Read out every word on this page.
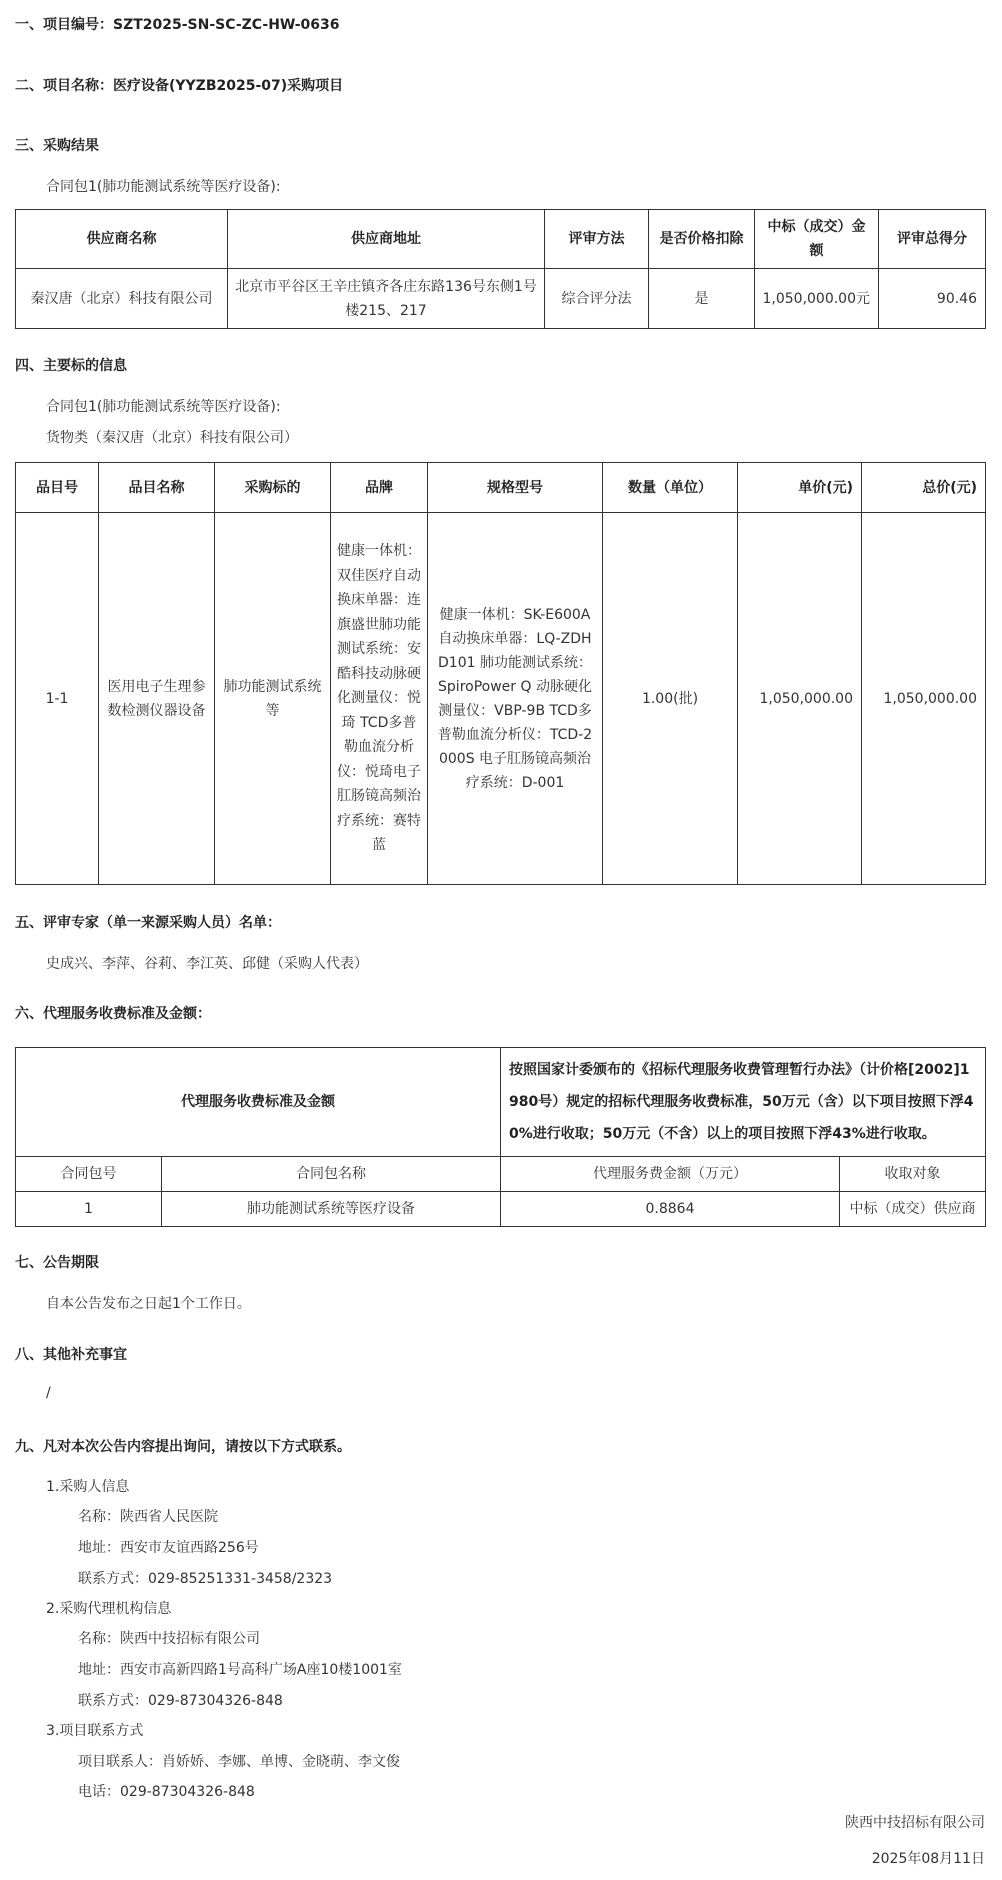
一、项目编号：SZT2025-SN-SC-ZC-HW-0636
二、项目名称：医疗设备(YYZB2025-07)采购项目
三、采购结果
合同包1(肺功能测试系统等医疗设备):
供应商名称	供应商地址	评审方法	是否价格扣除	中标（成交）金额	评审总得分
秦汉唐（北京）科技有限公司	北京市平谷区王辛庄镇齐各庄东路136号东侧1号楼215、217	综合评分法	是	1,050,000.00元	90.46
四、主要标的信息
合同包1(肺功能测试系统等医疗设备):
货物类（秦汉唐（北京）科技有限公司）
品目号	品目名称	采购标的	品牌	规格型号	数量（单位）	单价(元)	总价(元)
1-1	医用电子生理参数检测仪器设备	肺功能测试系统等	健康一体机：双佳医疗自动换床单器：连旗盛世肺功能测试系统：安酷科技动脉硬化测量仪：悦琦 TCD多普勒血流分析仪：悦琦电子肛肠镜高频治疗系统：赛特蓝	健康一体机：SK-E600A 自动换床单器：LQ-ZDHD101 肺功能测试系统：SpiroPower Q 动脉硬化测量仪：VBP-9B TCD多普勒血流分析仪：TCD-2000S 电子肛肠镜高频治疗系统：D-001	1.00(批)	1,050,000.00	1,050,000.00
五、评审专家（单一来源采购人员）名单：
史成兴、李萍、谷莉、李江英、邱健（采购人代表）
六、代理服务收费标准及金额：
代理服务收费标准及金额		按照国家计委颁布的《招标代理服务收费管理暂行办法》（计价格[2002]1980号）规定的招标代理服务收费标准，50万元（含）以下项目按照下浮40%进行收取；50万元（不含）以上的项目按照下浮43%进行收取。	
合同包号	合同包名称	代理服务费金额（万元）	收取对象
1	肺功能测试系统等医疗设备	0.8864	中标（成交）供应商
七、公告期限
自本公告发布之日起1个工作日。
八、其他补充事宜
/
九、凡对本次公告内容提出询问，请按以下方式联系。
1.采购人信息
名称：陕西省人民医院
地址：西安市友谊西路256号
联系方式：029-85251331-3458/2323
2.采购代理机构信息
名称：陕西中技招标有限公司
地址：西安市高新四路1号高科广场A座10楼1001室
联系方式：029-87304326-848
3.项目联系方式
项目联系人：肖娇娇、李娜、单博、金晓萌、李文俊
电话：029-87304326-848
陕西中技招标有限公司
2025年08月11日
